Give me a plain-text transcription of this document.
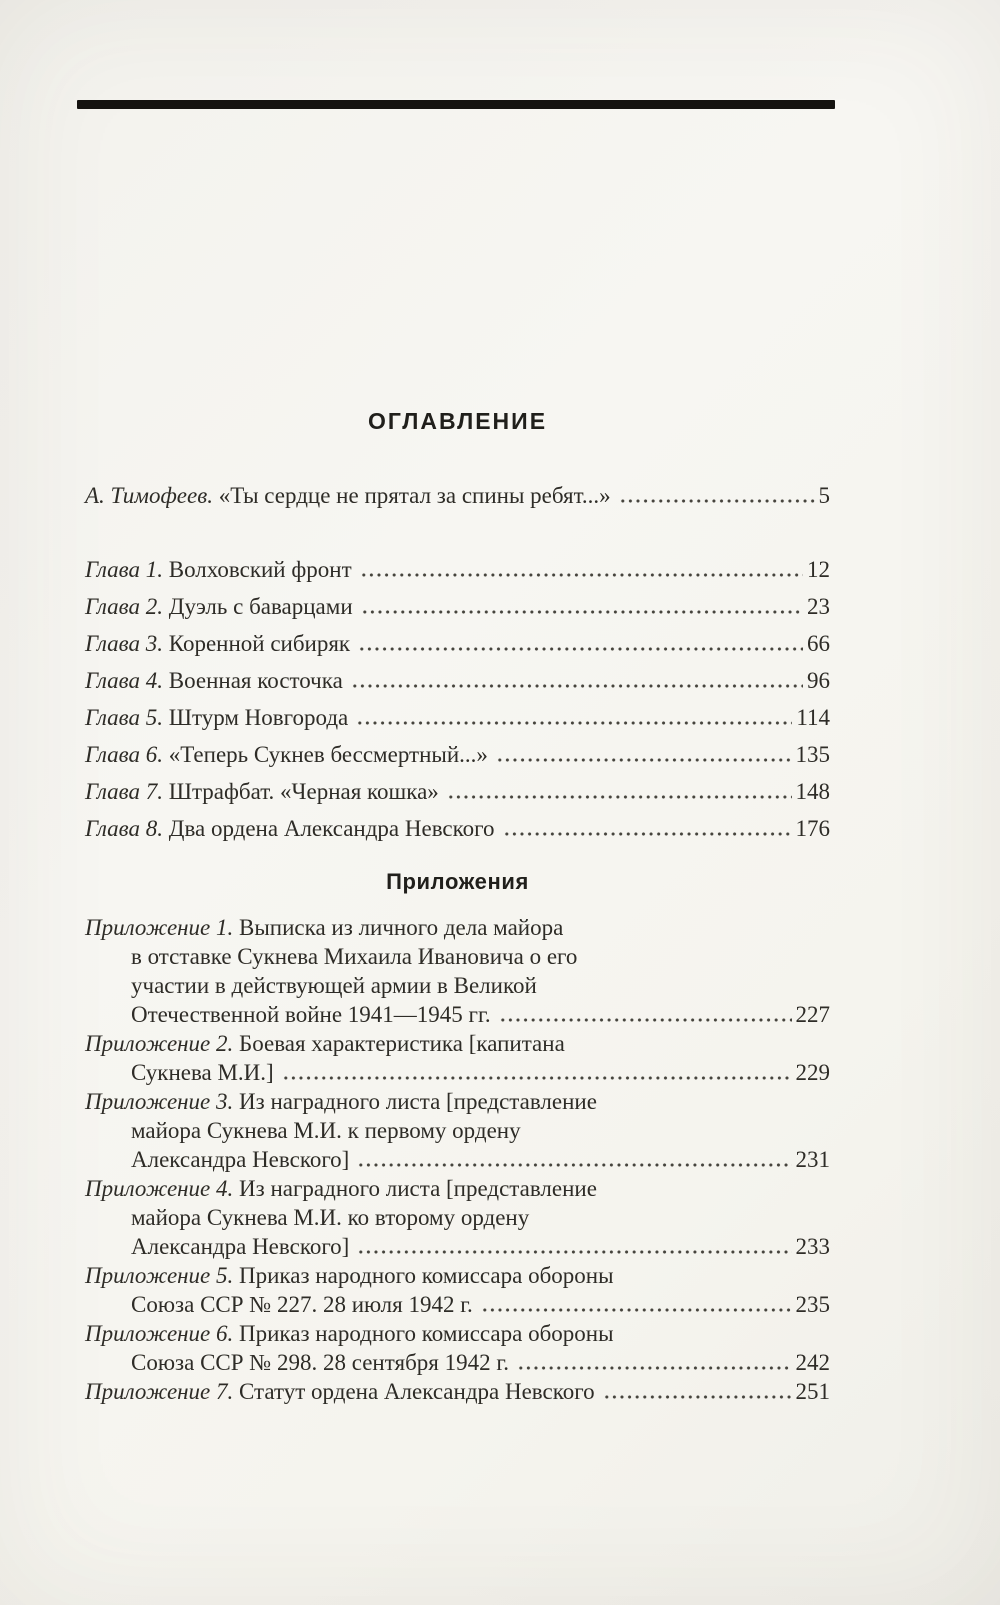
ОГЛАВЛЕНИЕ
А. Тимофеев. «Ты сердце не прятал за спины ребят...»	5
Глава 1. Волховский фронт	12
Глава 2. Дуэль с баварцами	23
Глава 3. Коренной сибиряк	66
Глава 4. Военная косточка	96
Глава 5. Штурм Новгорода	114
Глава 6. «Теперь Сукнев бессмертный...»	135
Глава 7. Штрафбат. «Черная кошка»	148
Глава 8. Два ордена Александра Невского	176
Приложения
Приложение 1. Выписка из личного дела майора
в отставке Сукнева Михаила Ивановича о его
участии в действующей армии в Великой
Отечественной войне 1941—1945 гг.	227
Приложение 2. Боевая характеристика [капитана
Сукнева М.И.]	229
Приложение 3. Из наградного листа [представление
майора Сукнева М.И. к первому ордену
Александра Невского]	231
Приложение 4. Из наградного листа [представление
майора Сукнева М.И. ко второму ордену
Александра Невского]	233
Приложение 5. Приказ народного комиссара обороны
Союза ССР № 227. 28 июля 1942 г.	235
Приложение 6. Приказ народного комиссара обороны
Союза ССР № 298. 28 сентября 1942 г.	242
Приложение 7. Статут ордена Александра Невского	251
